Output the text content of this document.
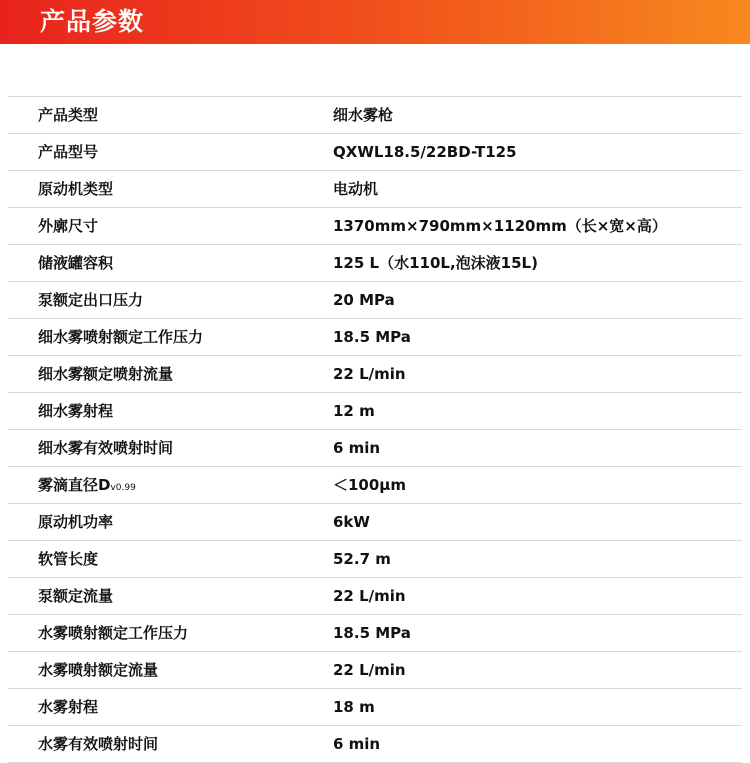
产品参数
产品类型	细水雾枪
产品型号	QXWL18.5/22BD-T125
原动机类型	电动机
外廓尺寸	1370mm×790mm×1120mm（长×宽×高）
储液罐容积	125 L（水110L,泡沫液15L)
泵额定出口压力	20 MPa
细水雾喷射额定工作压力	18.5 MPa
细水雾额定喷射流量	22 L/min
细水雾射程	12 m
细水雾有效喷射时间	6 min
雾滴直径Dv0.99	＜100μm
原动机功率	6kW
软管长度	52.7 m
泵额定流量	22 L/min
水雾喷射额定工作压力	18.5 MPa
水雾喷射额定流量	22 L/min
水雾射程	18 m
水雾有效喷射时间	6 min
